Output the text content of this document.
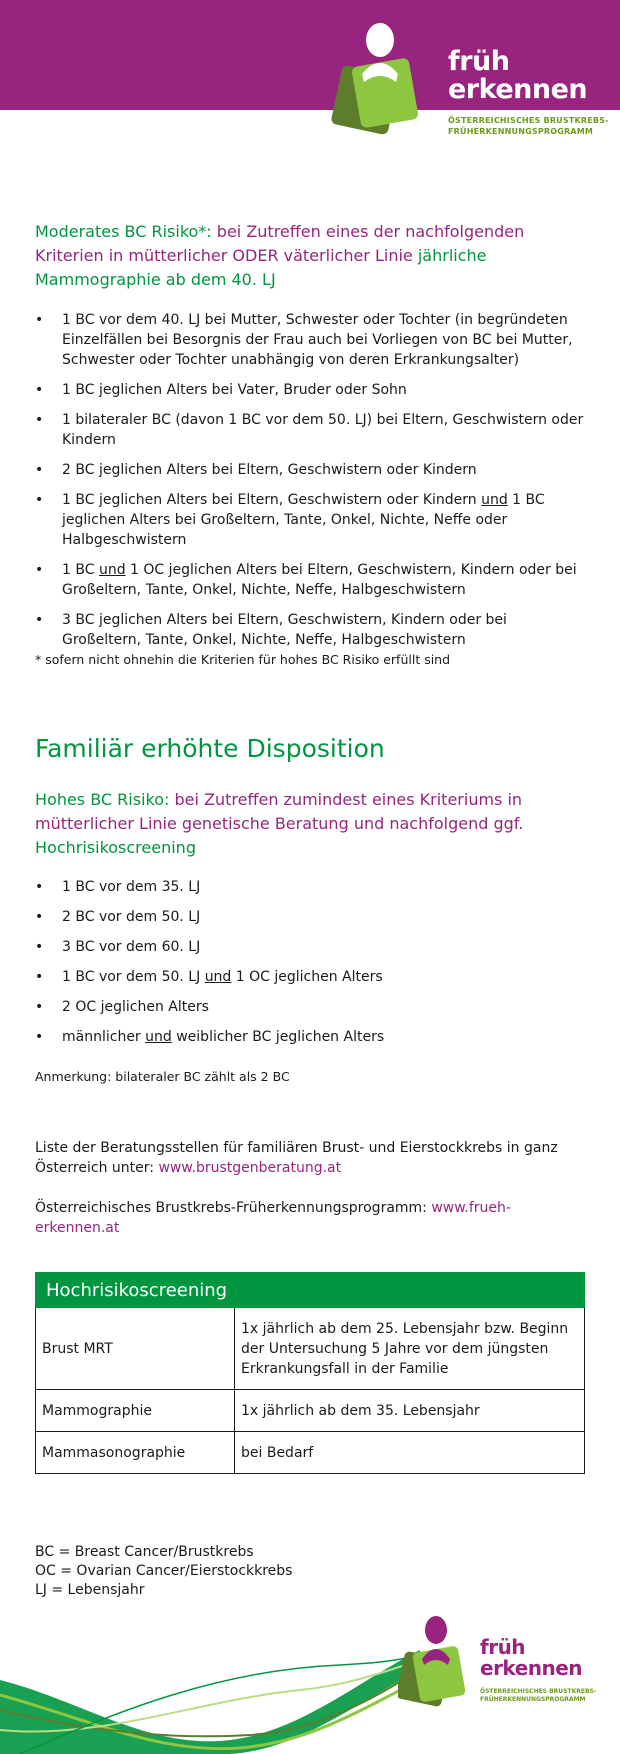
früh
erkennen
ÖSTERREICHISCHES BRUSTKREBS-
FRÜHERKENNUNGSPROGRAMM

Moderates BC Risiko*: bei Zutreffen eines der nachfolgenden Kriterien in mütterlicher ODER väterlicher Linie jährliche Mammographie ab dem 40. LJ

• 1 BC vor dem 40. LJ bei Mutter, Schwester oder Tochter (in begründeten Einzelfällen bei Besorgnis der Frau auch bei Vorliegen von BC bei Mutter, Schwester oder Tochter unabhängig von deren Erkrankungsalter)
• 1 BC jeglichen Alters bei Vater, Bruder oder Sohn
• 1 bilateraler BC (davon 1 BC vor dem 50. LJ) bei Eltern, Geschwistern oder Kindern
• 2 BC jeglichen Alters bei Eltern, Geschwistern oder Kindern
• 1 BC jeglichen Alters bei Eltern, Geschwistern oder Kindern und 1 BC jeglichen Alters bei Großeltern, Tante, Onkel, Nichte, Neffe oder Halbgeschwistern
• 1 BC und 1 OC jeglichen Alters bei Eltern, Geschwistern, Kindern oder bei Großeltern, Tante, Onkel, Nichte, Neffe, Halbgeschwistern
• 3 BC jeglichen Alters bei Eltern, Geschwistern, Kindern oder bei Großeltern, Tante, Onkel, Nichte, Neffe, Halbgeschwistern
* sofern nicht ohnehin die Kriterien für hohes BC Risiko erfüllt sind
Familiär erhöhte Disposition

Hohes BC Risiko: bei Zutreffen zumindest eines Kriteriums in mütterlicher Linie genetische Beratung und nachfolgend ggf. Hochrisikoscreening

• 1 BC vor dem 35. LJ
• 2 BC vor dem 50. LJ
• 3 BC vor dem 60. LJ
• 1 BC vor dem 50. LJ und 1 OC jeglichen Alters
• 2 OC jeglichen Alters
• männlicher und weiblicher BC jeglichen Alters
Anmerkung: bilateraler BC zählt als 2 BC
Liste der Beratungsstellen für familiären Brust- und Eierstockkrebs in ganz Österreich unter: www.brustgenberatung.at
Österreichisches Brustkrebs-Früherkennungsprogramm: www.frueh-erkennen.at
Hochrisikoscreening	
Brust MRT	1x jährlich ab dem 25. Lebensjahr bzw. Beginn der Untersuchung 5 Jahre vor dem jüngsten Erkrankungsfall in der Familie
Mammographie	1x jährlich ab dem 35. Lebensjahr
Mammasonographie	bei Bedarf
BC = Breast Cancer/Brustkrebs
OC = Ovarian Cancer/Eierstockkrebs
LJ = Lebensjahr
früh
erkennen
ÖSTERREICHISCHES BRUSTKREBS-
FRÜHERKENNUNGSPROGRAMM
